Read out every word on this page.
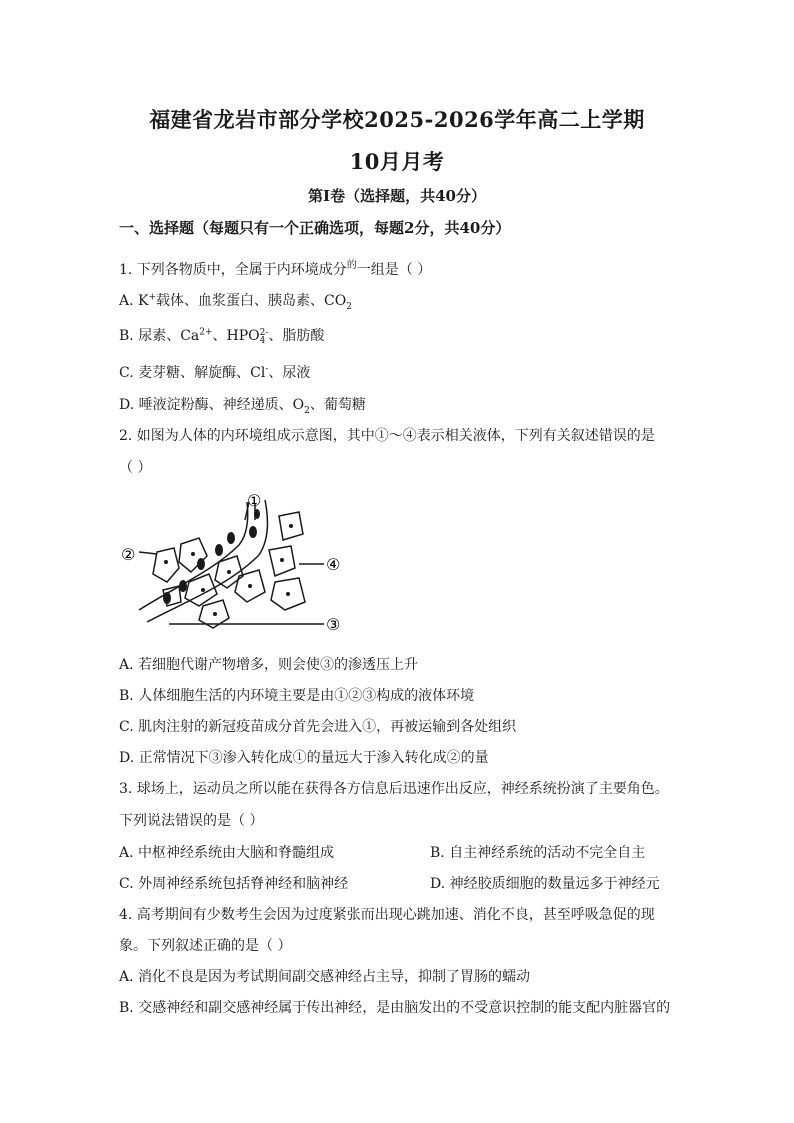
福建省龙岩市部分学校2025-2026学年高二上学期
10月月考
第Ⅰ卷（选择题，共40分）
一、选择题（每题只有一个正确选项，每题2分，共40分）
1. 下列各物质中，全属于内环境成分$^的$一组是（ ）
A. K+载体、血浆蛋白、胰岛素、$CO_2$
B. 尿素、$Ca^{2+}$、HPO 2-
4 、脂肪酸
C. 麦芽糖、解旋酶、Cl-、尿液
D. 唾液淀粉酶、神经递质、$O_2$、葡萄糖
2. 如图为人体的内环境组成示意图，其中①～④表示相关液体，下列有关叙述错误的是
（ ）
①
②
③
④
A. 若细胞代谢产物增多，则会使③的渗透压上升
B. 人体细胞生活的内环境主要是由①②③构成的液体环境
C. 肌肉注射的新冠疫苗成分首先会进入①，再被运输到各处组织
D. 正常情况下③渗入转化成①的量远大于渗入转化成②的量
3. 球场上，运动员之所以能在获得各方信息后迅速作出反应，神经系统扮演了主要角色。
下列说法错误的是（ ）
A. 中枢神经系统由大脑和脊髓组成	B. 自主神经系统的活动不完全自主
C. 外周神经系统包括脊神经和脑神经	D. 神经胶质细胞的数量远多于神经元
4. 高考期间有少数考生会因为过度紧张而出现心跳加速、消化不良，甚至呼吸急促的现
象。下列叙述正确的是（ ）
A. 消化不良是因为考试期间副交感神经占主导，抑制了胃肠的蠕动
B. 交感神经和副交感神经属于传出神经，是由脑发出的不受意识控制的能支配内脏器官的
